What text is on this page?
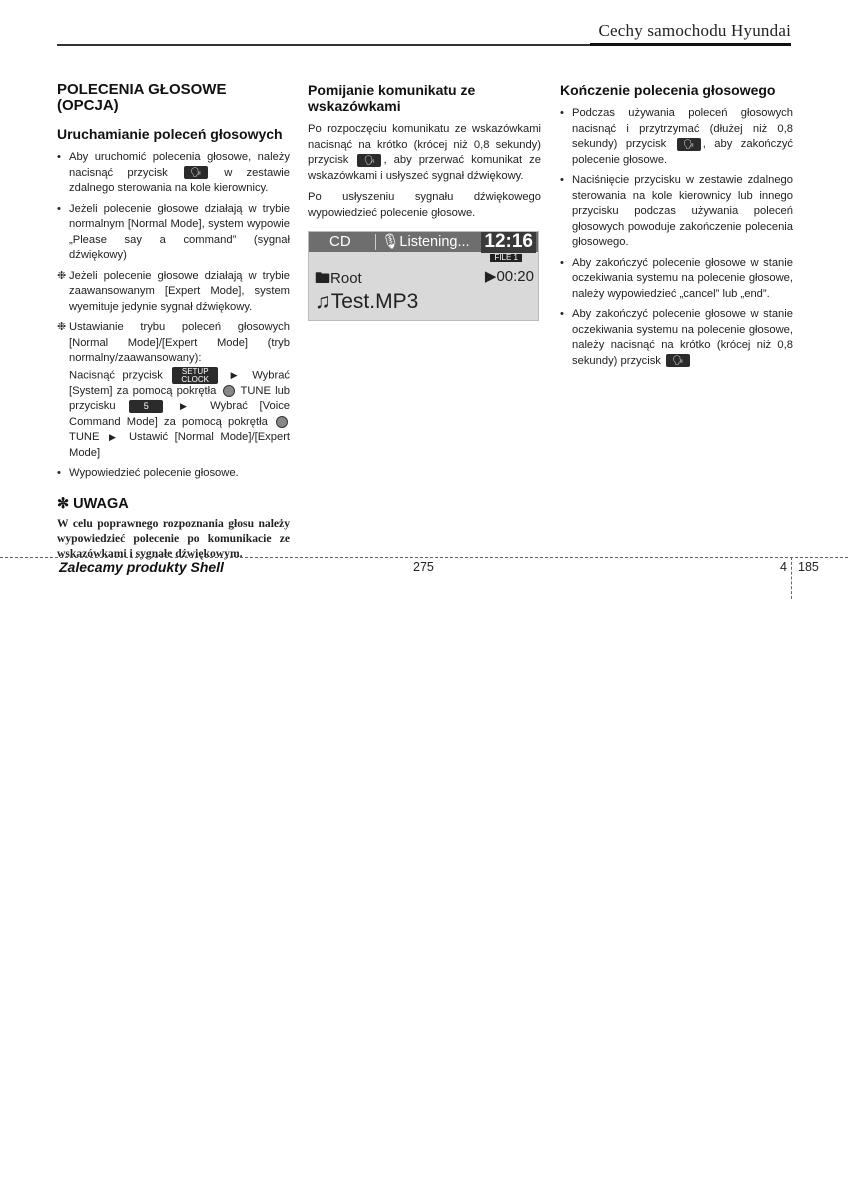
Cechy samochodu Hyundai
POLECENIA GŁOSOWE (OPCJA)
Uruchamianie poleceń głosowych
• Aby uruchomić polecenia głosowe, należy nacisnąć przycisk	🗣 w zestawie zdalnego sterowania na kole kierownicy.
• Jeżeli polecenie głosowe działają w trybie normalnym [Normal Mode], system wypowie „Please say a command” (sygnał dźwiękowy)
❉ Jeżeli polecenie głosowe działają w trybie zaawansowanym [Expert Mode], system wyemituje jedynie sygnał dźwiękowy.
❉ Ustawianie trybu poleceń głosowych [Normal Mode]/[Expert Mode] (tryb normalny/zaawansowany):
Nacisnąć przycisk SETUP
CLOCK ▶ Wybrać [System] za pomocą pokrętła TUNE lub przycisku	5	▶ Wybrać [Voice Command Mode] za pomocą pokrętła  TUNE ▶ Ustawić [Normal Mode]/[Expert Mode]
• Wypowiedzieć polecenie głosowe.
✼ UWAGA

W celu poprawnego rozpoznania głosu należy wypowiedzieć polecenie po komunikacie ze wskazówkami i sygnałe dźwiękowym.

Pomijanie komunikatu ze wskazówkami

Po rozpoczęciu komunikatu ze wskazówkami nacisnąć na krótko (krócej niż 0,8 sekundy) przycisk 🗣 , aby przerwać komunikat ze wskazówkami i usłyszeć sygnał dźwiękowy.

Po usłyszeniu sygnału dźwiękowego wypowiedzieć polecenie głosowe.

CD 🎙Listening... 12:16
FILE 1
🖿Root	▶00:20
♫Test.MP3
Kończenie polecenia głosowego
• Podczas używania poleceń głosowych nacisnąć i przytrzymać (dłużej niż 0,8 sekundy) przycisk 🗣 , aby zakończyć polecenie głosowe.
• Naciśnięcie przycisku w zestawie zdalnego sterowania na kole kierownicy lub innego przycisku podczas używania poleceń głosowych powoduje zakończenie polecenia głosowego.
• Aby zakończyć polecenie głosowe w stanie oczekiwania systemu na polecenie głosowe, należy wypowiedzieć „cancel” lub „end”.
• Aby zakończyć polecenie głosowe w stanie oczekiwania systemu na polecenie głosowe, należy nacisnąć na krótko (krócej niż 0,8 sekundy) przycisk 🗣
Zalecamy produkty Shell	275	4 185
